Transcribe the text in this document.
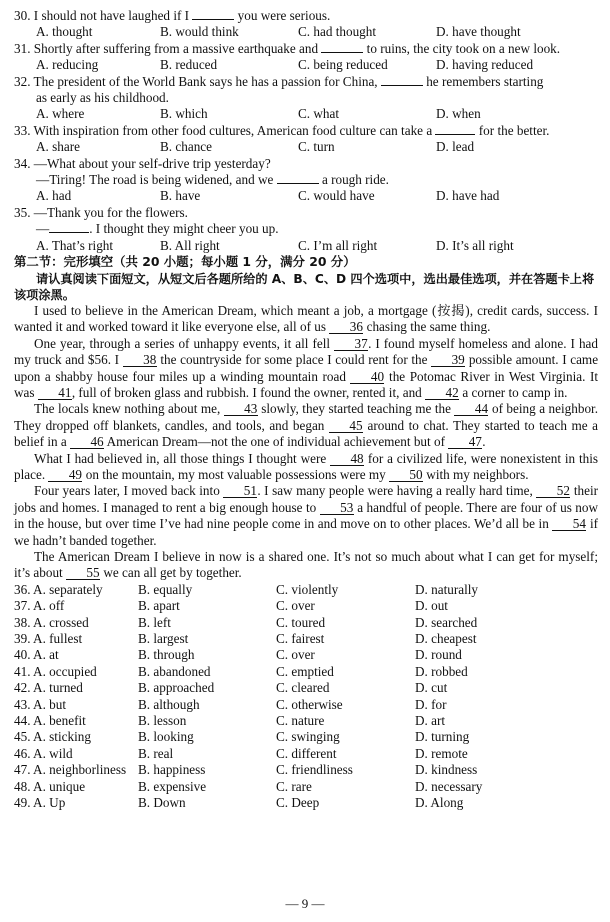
30. I should not have laughed if I	you were serious.
A. thought	B. would think	C. had thought	D. have thought
31. Shortly after suffering from a massive earthquake and	to ruins, the city took on a new look.
A. reducing	B. reduced	C. being reduced	D. having reduced
32. The president of the World Bank says he has a passion for China,	he remembers starting
as early as his childhood.
A. where	B. which	C. what	D. when
33. With inspiration from other food cultures, American food culture can take a	for the better.
A. share	B. chance	C. turn	D. lead
34. —What about your self-drive trip yesterday?
—Tiring! The road is being widened, and we	a rough ride.
A. had	B. have	C. would have	D. have had
35. —Thank you for the flowers.
—	. I thought they might cheer you up.
A. That’s right	B. All right	C. I’m all right	D. It’s all right
第二节：完形填空（共 20 小题；每小题 1 分，满分 20 分）
请认真阅读下面短文，从短文后各题所给的 A、B、C、D 四个选项中，选出最佳选项，并在答题卡上将该项涂黑。

I used to believe in the American Dream, which meant a job, a mortgage (按揭), credit cards, success. I wanted it and worked toward it like everyone else, all of us 36 chasing the same thing.

One year, through a series of unhappy events, it all fell 37. I found myself homeless and alone. I had my truck and $56. I 38 the countryside for some place I could rent for the 39 possible amount. I came upon a shabby house four miles up a winding mountain road 40 the Potomac River in West Virginia. It was 41, full of broken glass and rubbish. I found the owner, rented it, and 42 a corner to camp in.

The locals knew nothing about me, 43 slowly, they started teaching me the 44 of being a neighbor. They dropped off blankets, candles, and tools, and began 45 around to chat. They started to teach me a belief in a 46 American Dream—not the one of individual achievement but of 47.

What I had believed in, all those things I thought were 48 for a civilized life, were nonexistent in this place. 49 on the mountain, my most valuable possessions were my 50 with my neighbors.

Four years later, I moved back into 51. I saw many people were having a really hard time, 52 their jobs and homes. I managed to rent a big enough house to 53 a handful of people. There are four of us now in the house, but over time I’ve had nine people come in and move on to other places. We’d all be in 54 if we hadn’t banded together.

The American Dream I believe in now is a shared one. It’s not so much about what I can get for myself; it’s about 55 we can all get by together.

36. A. separately	B. equally	C. violently	D. naturally
37. A. off	B. apart	C. over	D. out
38. A. crossed	B. left	C. toured	D. searched
39. A. fullest	B. largest	C. fairest	D. cheapest
40. A. at	B. through	C. over	D. round
41. A. occupied	B. abandoned	C. emptied	D. robbed
42. A. turned	B. approached	C. cleared	D. cut
43. A. but	B. although	C. otherwise	D. for
44. A. benefit	B. lesson	C. nature	D. art
45. A. sticking	B. looking	C. swinging	D. turning
46. A. wild	B. real	C. different	D. remote
47. A. neighborliness B. happiness	C. friendliness	D. kindness
48. A. unique	B. expensive	C. rare	D. necessary
49. A. Up	B. Down	C. Deep	D. Along
— 9 —
